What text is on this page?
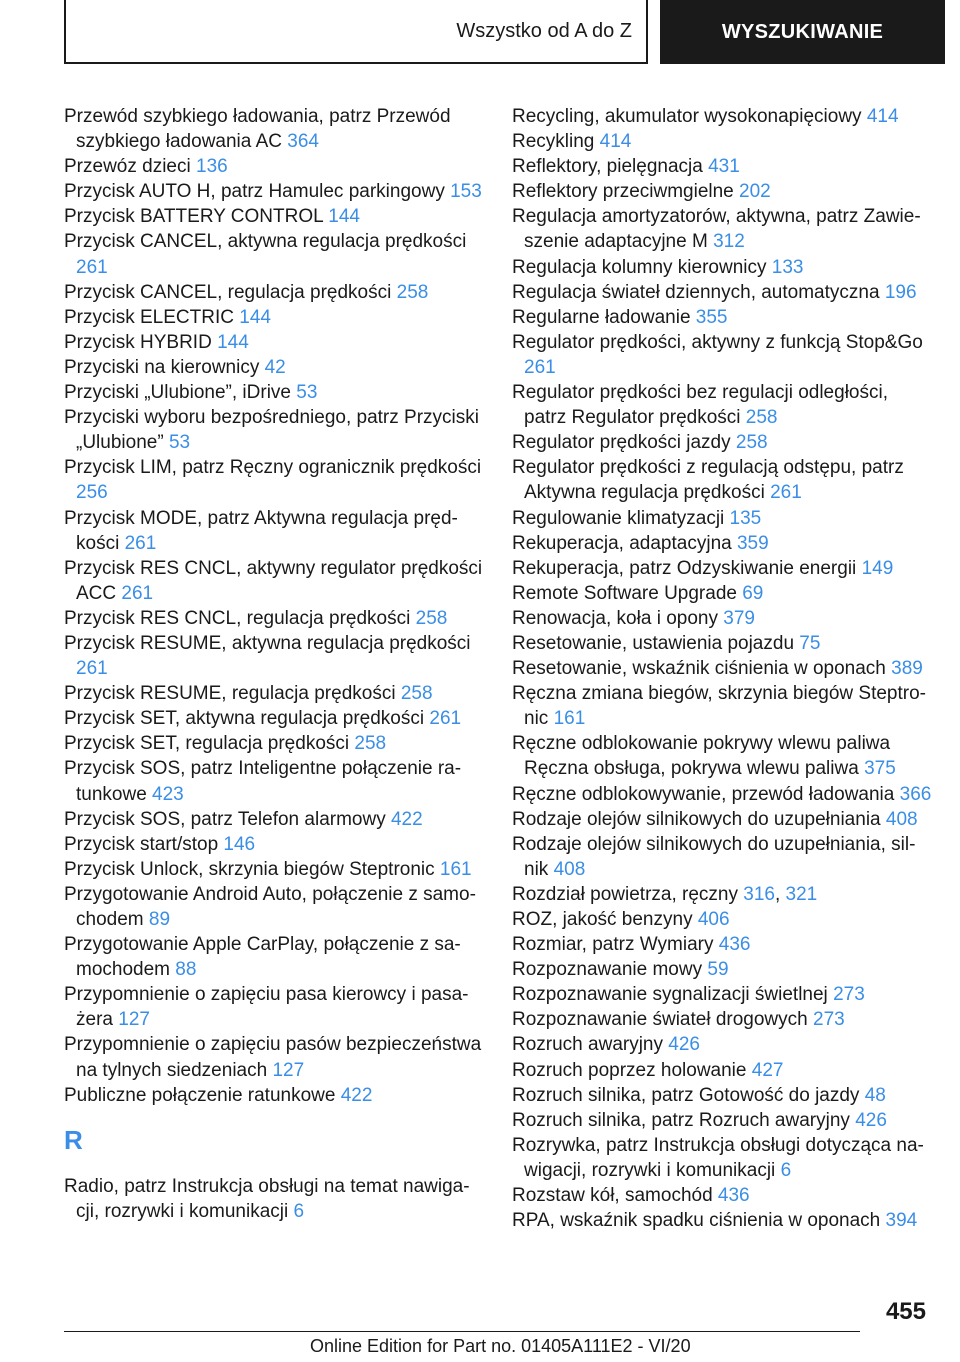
Wszystko od A do Z	WYSZUKIWANIE
Przewód szybkiego ładowania, patrz Przewód szybkiego ładowania AC 364
Przewóz dzieci 136
Przycisk AUTO H, patrz Hamulec parkingowy 153
Przycisk BATTERY CONTROL 144
Przycisk CANCEL, aktywna regulacja prędkości 261
Przycisk CANCEL, regulacja prędkości 258
Przycisk ELECTRIC 144
Przycisk HYBRID 144
Przyciski na kierownicy 42
Przyciski „Ulubione”, iDrive 53
Przyciski wyboru bezpośredniego, patrz Przyciski „Ulubione” 53
Przycisk LIM, patrz Ręczny ogranicznik prędkości 256
Przycisk MODE, patrz Aktywna regulacja prędkości 261
Przycisk RES CNCL, aktywny regulator prędkości ACC 261
Przycisk RES CNCL, regulacja prędkości 258
Przycisk RESUME, aktywna regulacja prędkości 261
Przycisk RESUME, regulacja prędkości 258
Przycisk SET, aktywna regulacja prędkości 261
Przycisk SET, regulacja prędkości 258
Przycisk SOS, patrz Inteligentne połączenie ratunkowe 423
Przycisk SOS, patrz Telefon alarmowy 422
Przycisk start/stop 146
Przycisk Unlock, skrzynia biegów Steptronic 161
Przygotowanie Android Auto, połączenie z samochodem 89
Przygotowanie Apple CarPlay, połączenie z samochodem 88
Przypomnienie o zapięciu pasa kierowcy i pasażera 127
Przypomnienie o zapięciu pasów bezpieczeństwa na tylnych siedzeniach 127
Publiczne połączenie ratunkowe 422
R
Radio, patrz Instrukcja obsługi na temat nawigacji, rozrywki i komunikacji 6
Recycling, akumulator wysokonapięciowy 414
Recykling 414
Reflektory, pielęgnacja 431
Reflektory przeciwmgielne 202
Regulacja amortyzatorów, aktywna, patrz Zawieszenie adaptacyjne M 312
Regulacja kolumny kierownicy 133
Regulacja świateł dziennych, automatyczna 196
Regularne ładowanie 355
Regulator prędkości, aktywny z funkcją Stop&Go 261
Regulator prędkości bez regulacji odległości, patrz Regulator prędkości 258
Regulator prędkości jazdy 258
Regulator prędkości z regulacją odstępu, patrz Aktywna regulacja prędkości 261
Regulowanie klimatyzacji 135
Rekuperacja, adaptacyjna 359
Rekuperacja, patrz Odzyskiwanie energii 149
Remote Software Upgrade 69
Renowacja, koła i opony 379
Resetowanie, ustawienia pojazdu 75
Resetowanie, wskaźnik ciśnienia w oponach 389
Ręczna zmiana biegów, skrzynia biegów Steptronic 161
Ręczne odblokowanie pokrywy wlewu paliwa Ręczna obsługa, pokrywa wlewu paliwa 375
Ręczne odblokowywanie, przewód ładowania 366
Rodzaje olejów silnikowych do uzupełniania 408
Rodzaje olejów silnikowych do uzupełniania, silnik 408
Rozdział powietrza, ręczny 316, 321
ROZ, jakość benzyny 406
Rozmiar, patrz Wymiary 436
Rozpoznawanie mowy 59
Rozpoznawanie sygnalizacji świetlnej 273
Rozpoznawanie świateł drogowych 273
Rozruch awaryjny 426
Rozruch poprzez holowanie 427
Rozruch silnika, patrz Gotowość do jazdy 48
Rozruch silnika, patrz Rozruch awaryjny 426
Rozrywka, patrz Instrukcja obsługi dotycząca nawigacji, rozrywki i komunikacji 6
Rozstaw kół, samochód 436
RPA, wskaźnik spadku ciśnienia w oponach 394
455
Online Edition for Part no. 01405A111E2 - VI/20
